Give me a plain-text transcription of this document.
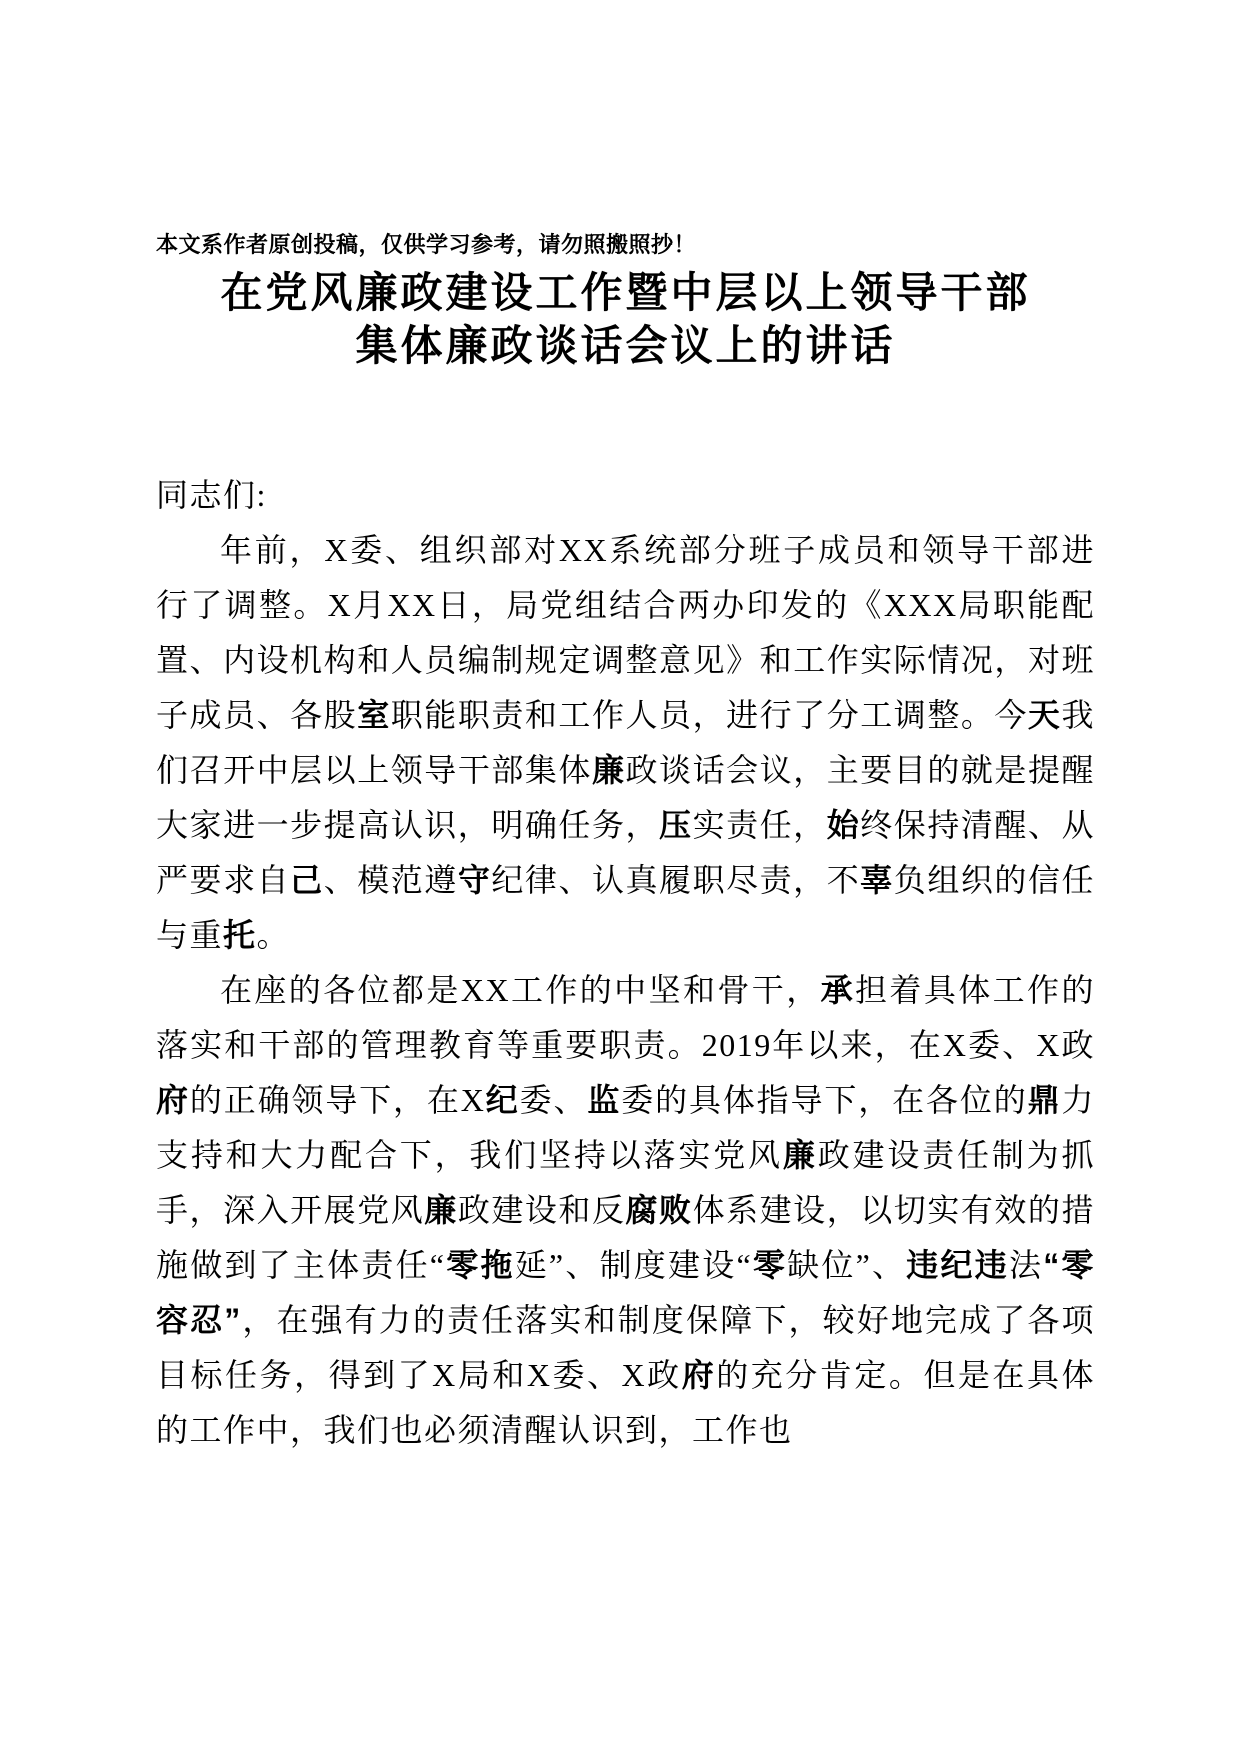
本文系作者原创投稿，仅供学习参考，请勿照搬照抄！

在党风廉政建设工作暨中层以上领导干部
集体廉政谈话会议上的讲话

同志们:

年前，X委、组织部对XX系统部分班子成员和领导干部进行了调整。X月XX日，局党组结合两办印发的《XXX局职能配置、内设机构和人员编制规定调整意见》和工作实际情况，对班子成员、各股室职能职责和工作人员，进行了分工调整。今天我们召开中层以上领导干部集体廉政谈话会议，主要目的就是提醒大家进一步提高认识，明确任务，压实责任，始终保持清醒、从严要求自己、模范遵守纪律、认真履职尽责，不辜负组织的信任与重托。

在座的各位都是XX工作的中坚和骨干，承担着具体工作的落实和干部的管理教育等重要职责。2019年以来，在X委、X政府的正确领导下，在X纪委、监委的具体指导下，在各位的鼎力支持和大力配合下，我们坚持以落实党风廉政建设责任制为抓手，深入开展党风廉政建设和反腐败体系建设，以切实有效的措施做到了主体责任“零拖延”、制度建设“零缺位”、违纪违法“零容忍”，在强有力的责任落实和制度保障下，较好地完成了各项目标任务，得到了X局和X委、X政府的充分肯定。但是在具体的工作中，我们也必须清醒认识到，工作也
